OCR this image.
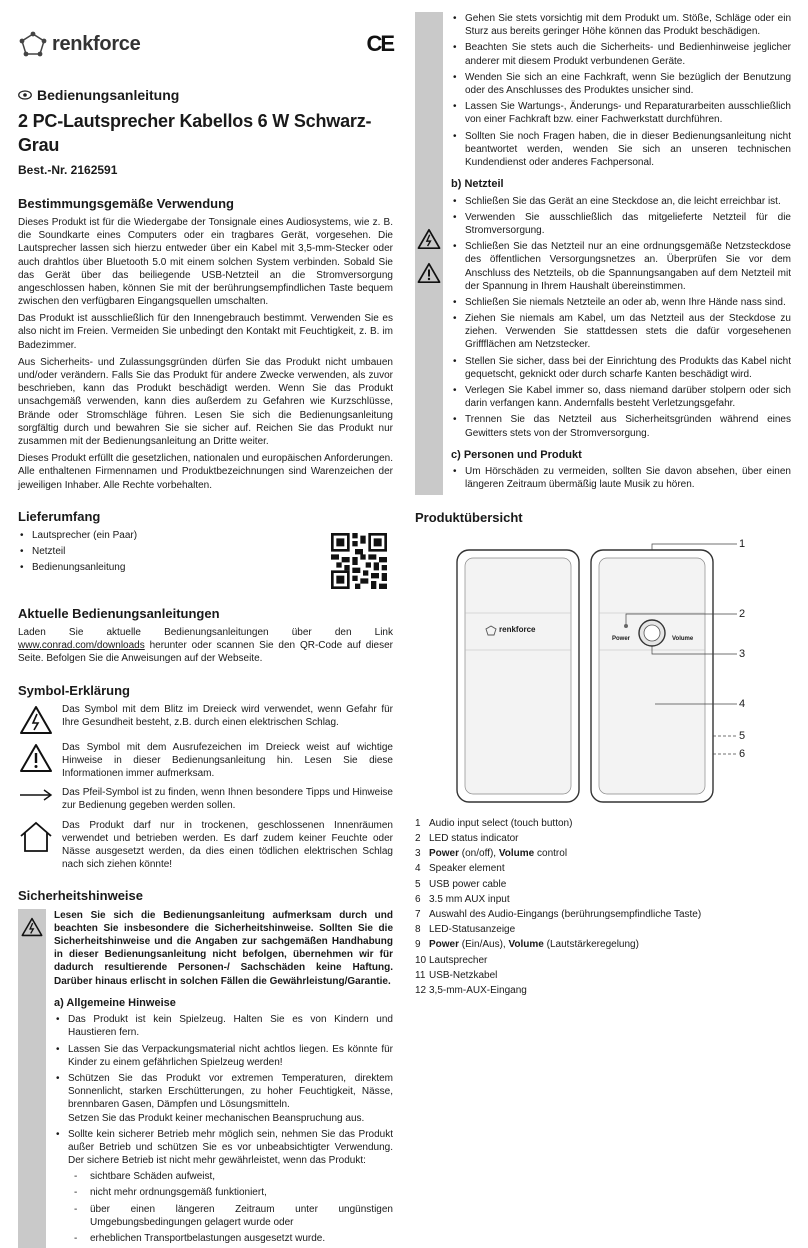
renkforce	CE
Bedienungsanleitung
2 PC-Lautsprecher Kabellos 6 W Schwarz-Grau
Best.-Nr. 2162591
Bestimmungsgemäße Verwendung

Dieses Produkt ist für die Wiedergabe der Tonsignale eines Audiosystems, wie z. B. die Soundkarte eines Computers oder ein tragbares Gerät, vorgesehen. Die Lautsprecher lassen sich hierzu entweder über ein Kabel mit 3,5-mm-Stecker oder auch drahtlos über Bluetooth 5.0 mit einem solchen System verbinden. Sobald Sie das Gerät über das beiliegende USB-Netzteil an die Stromversorgung angeschlossen haben, können Sie mit der berührungsempfindlichen Taste bequem zwischen den verfügbaren Eingangsquellen umschalten.

Das Produkt ist ausschließlich für den Innengebrauch bestimmt. Verwenden Sie es also nicht im Freien. Vermeiden Sie unbedingt den Kontakt mit Feuchtigkeit, z. B. im Badezimmer.

Aus Sicherheits- und Zulassungsgründen dürfen Sie das Produkt nicht umbauen und/oder verändern. Falls Sie das Produkt für andere Zwecke verwenden, als zuvor beschrieben, kann das Produkt beschädigt werden. Wenn Sie das Produkt unsachgemäß verwenden, kann dies außerdem zu Gefahren wie Kurzschlüsse, Brände oder Stromschläge führen. Lesen Sie sich die Bedienungsanleitung sorgfältig durch und bewahren Sie sie sicher auf. Reichen Sie das Produkt nur zusammen mit der Bedienungsanleitung an Dritte weiter.

Dieses Produkt erfüllt die gesetzlichen, nationalen und europäischen Anforderungen. Alle enthaltenen Firmennamen und Produktbezeichnungen sind Warenzeichen der jeweiligen Inhaber. Alle Rechte vorbehalten.

Lieferumfang
• Lautsprecher (ein Paar)
• Netzteil
• Bedienungsanleitung
Aktuelle Bedienungsanleitungen

Laden Sie aktuelle Bedienungsanleitungen über den Link www.conrad.com/downloads herunter oder scannen Sie den QR-Code auf dieser Seite. Befolgen Sie die Anweisungen auf der Webseite.

Symbol-Erklärung

Das Symbol mit dem Blitz im Dreieck wird verwendet, wenn Gefahr für Ihre Gesundheit besteht, z.B. durch einen elektrischen Schlag.

Das Symbol mit dem Ausrufezeichen im Dreieck weist auf wichtige Hinweise in dieser Bedienungsanleitung hin. Lesen Sie diese Informationen immer aufmerksam.

Das Pfeil-Symbol ist zu finden, wenn Ihnen besondere Tipps und Hinweise zur Bedienung gegeben werden sollen.

Das Produkt darf nur in trockenen, geschlossenen Innenräumen verwendet und betrieben werden. Es darf zudem keiner Feuchte oder Nässe ausgesetzt werden, da dies einen tödlichen elektrischen Schlag nach sich ziehen könnte!

Sicherheitshinweise

Lesen Sie sich die Bedienungsanleitung aufmerksam durch und beachten Sie insbesondere die Sicherheitshinweise. Sollten Sie die Sicherheitshinweise und die Angaben zur sachgemäßen Handhabung in dieser Bedienungsanleitung nicht befolgen, übernehmen wir für dadurch resultierende Personen-/ Sachschäden keine Haftung. Darüber hinaus erlischt in solchen Fällen die Gewährleistung/Garantie.

a) Allgemeine Hinweise
• Das Produkt ist kein Spielzeug. Halten Sie es von Kindern und Haustieren fern.
• Lassen Sie das Verpackungsmaterial nicht achtlos liegen. Es könnte für Kinder zu einem gefährlichen Spielzeug werden!
• Schützen Sie das Produkt vor extremen Temperaturen, direktem Sonnenlicht, starken Erschütterungen, zu hoher Feuchtigkeit, Nässe, brennbaren Gasen, Dämpfen und Lösungsmitteln.
Setzen Sie das Produkt keiner mechanischen Beanspruchung aus.
• Sollte kein sicherer Betrieb mehr möglich sein, nehmen Sie das Produkt außer Betrieb und schützen Sie es vor unbeabsichtigter Verwendung. Der sichere Betrieb ist nicht mehr gewährleistet, wenn das Produkt:
- sichtbare Schäden aufweist,
- nicht mehr ordnungsgemäß funktioniert,
- über einen längeren Zeitraum unter ungünstigen Umgebungsbedingungen gelagert wurde oder
- erheblichen Transportbelastungen ausgesetzt wurde.
• Gehen Sie stets vorsichtig mit dem Produkt um. Stöße, Schläge oder ein Sturz aus bereits geringer Höhe können das Produkt beschädigen.
• Beachten Sie stets auch die Sicherheits- und Bedienhinweise jeglicher anderer mit diesem Produkt verbundenen Geräte.
• Wenden Sie sich an eine Fachkraft, wenn Sie bezüglich der Benutzung oder des Anschlusses des Produktes unsicher sind.
• Lassen Sie Wartungs-, Änderungs- und Reparaturarbeiten ausschließlich von einer Fachkraft bzw. einer Fachwerkstatt durchführen.
• Sollten Sie noch Fragen haben, die in dieser Bedienungsanleitung nicht beantwortet werden, wenden Sie sich an unseren technischen Kundendienst oder anderes Fachpersonal.
b) Netzteil
• Schließen Sie das Gerät an eine Steckdose an, die leicht erreichbar ist.
• Verwenden Sie ausschließlich das mitgelieferte Netzteil für die Stromversorgung.
• Schließen Sie das Netzteil nur an eine ordnungsgemäße Netzsteckdose des öffentlichen Versorgungsnetzes an. Überprüfen Sie vor dem Anschluss des Netzteils, ob die Spannungsangaben auf dem Netzteil mit der Spannung in Ihrem Haushalt übereinstimmen.
• Schließen Sie niemals Netzteile an oder ab, wenn Ihre Hände nass sind.
• Ziehen Sie niemals am Kabel, um das Netzteil aus der Steckdose zu ziehen. Verwenden Sie stattdessen stets die dafür vorgesehenen Griffflächen am Netzstecker.
• Stellen Sie sicher, dass bei der Einrichtung des Produkts das Kabel nicht gequetscht, geknickt oder durch scharfe Kanten beschädigt wird.
• Verlegen Sie Kabel immer so, dass niemand darüber stolpern oder sich darin verfangen kann. Andernfalls besteht Verletzungsgefahr.
• Trennen Sie das Netzteil aus Sicherheitsgründen während eines Gewitters stets von der Stromversorgung.
c) Personen und Produkt
• Um Hörschäden zu vermeiden, sollten Sie davon absehen, über einen längeren Zeitraum übermäßig laute Musik zu hören.
Produktübersicht
renkforce
Power	Volume
1
2
3
4
5
6
1 Audio input select (touch button)
2 LED status indicator
3 Power (on/off), Volume control
4 Speaker element
5 USB power cable
6 3.5 mm AUX input
7 Auswahl des Audio-Eingangs (berührungsempfindliche Taste)
8 LED-Statusanzeige
9 Power (Ein/Aus), Volume (Lautstärkeregelung)
10 Lautsprecher
11 USB-Netzkabel
12 3,5-mm-AUX-Eingang
